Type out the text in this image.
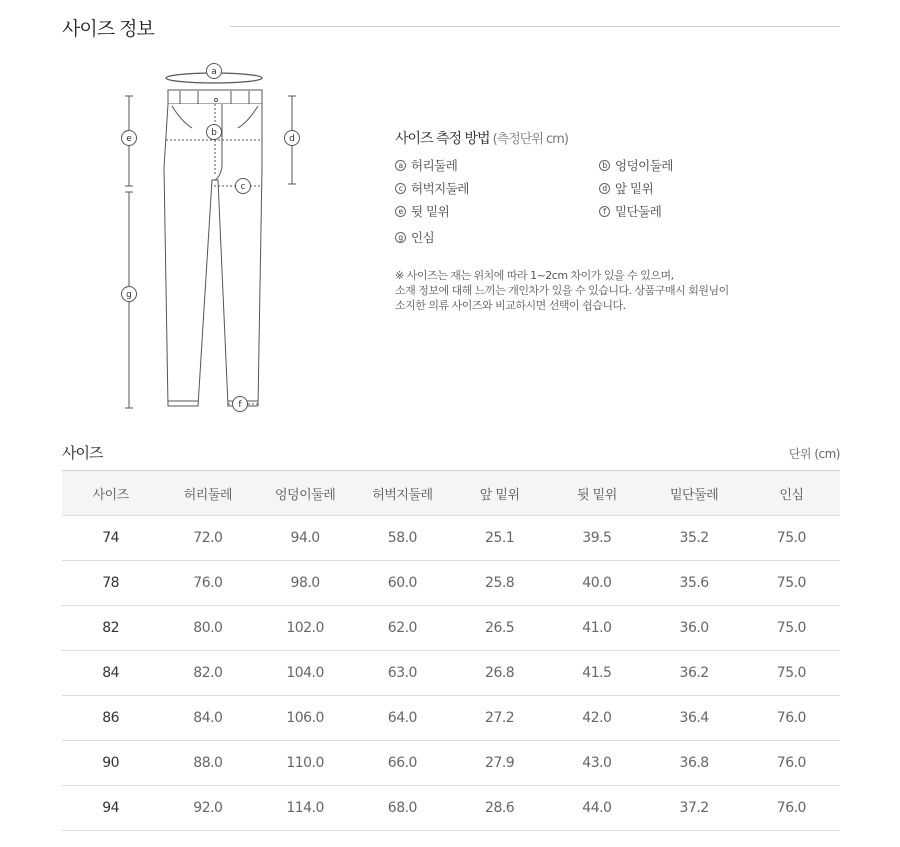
사이즈 정보
a
b
c
d
e
f
g
사이즈 측정 방법 (측정단위 cm)
a 허리둘레	b 엉덩이둘레
c 허벅지둘레	d 앞 밑위
e 뒷 밑위	f 밑단둘레
g 인심
※ 사이즈는 재는 위치에 따라 1~2cm 차이가 있을 수 있으며,
소재 정보에 대해 느끼는 개인차가 있을 수 있습니다. 상품구매시 회원님이
소지한 의류 사이즈와 비교하시면 선택이 쉽습니다.
사이즈	단위 (cm)
사이즈	허리둘레	엉덩이둘레	허벅지둘레	앞 밑위	뒷 밑위	밑단둘레	인심
74	72.0	94.0	58.0	25.1	39.5	35.2	75.0
78	76.0	98.0	60.0	25.8	40.0	35.6	75.0
82	80.0	102.0	62.0	26.5	41.0	36.0	75.0
84	82.0	104.0	63.0	26.8	41.5	36.2	75.0
86	84.0	106.0	64.0	27.2	42.0	36.4	76.0
90	88.0	110.0	66.0	27.9	43.0	36.8	76.0
94	92.0	114.0	68.0	28.6	44.0	37.2	76.0
